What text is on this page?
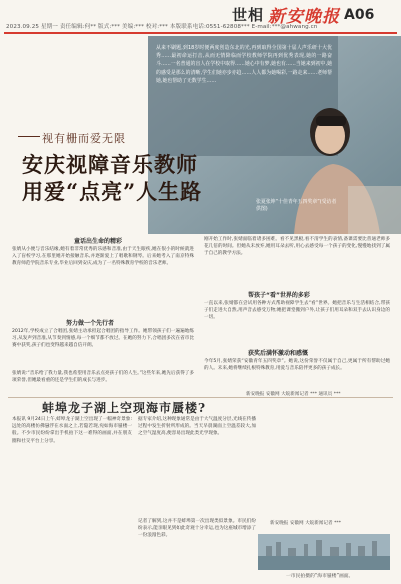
世相 新安晚报 A06
2023.09.25 星期一 责任编辑:何** 版式:*** 美编:*** 校对:*** 本版联系电话:0551-62808*** E-mail:***@ahwang.cn
从来不刷题,到18岁时便两度创造东北的光,再到取得全国第十届人声乐研十大优秀……最初命运打击,从而无情降临而学校教师学院再到优秀表现,她的一路奋斗……一名普通的盲人在学校中取得……她心中有梦,她也有……当她来到初中,她的感受是那么的清晰,学生们她亦步亦趋……人人都为她喝彩,一路走来……老师帮她,她也帮助了无数学生……
张夏张坤“十佳青年五四奖章”(受访者供图)
视有栅而爱无限
安庆视障音乐教师
用爱“点亮”人生路
童话出生命的精彩
张婧从小便与音乐结缘,她有着非常优秀的乐感和音准,由于天生眼疾,她在很小的时候就进入了盲校学习,在那里她开始接触音乐,并逐渐爱上了唱歌和钢琴。后来她考入了南京特殊教育师范学院音乐专业,毕业后回到安庆,成为了一名特殊教育学校的音乐老师。
刚开始工作时,张婧面临着诸多困难。看不见黑板,看不清学生的表情,备课需要比普通老师多花几倍的时间。但她从未放弃,她用耳朵去听,用心去感受每一个孩子的变化,慢慢地找到了属于自己的教学方法。
努力做一个先行者
2012年,学校成立了合唱团,张婧主动承担起合唱团的指导工作。她带领孩子们一遍遍地练习,从发声到音准,从节奏到情感,每一个细节都不放过。在她的努力下,合唱团多次在省市比赛中获奖,孩子们也变得越来越自信开朗。
帮孩子“看”世界的多彩
一直以来,张婧都在尝试用各种方式帮助视障学生去“看”世界。她把音乐与生活相结合,带孩子们走进大自然,用声音去感受万物;她把课堂搬到户外,让孩子们用耳朵和双手去认识身边的一切。
获奖后满怀激动和感慨
今年5月,张婧荣获“安徽青年五四奖章”。她说,这份荣誉不仅属于自己,更属于所有帮助过她的人。未来,她将继续扎根特殊教育,用爱与音乐陪伴更多的孩子成长。
张婧说:“音乐给了我力量,我也希望用音乐去点亮孩子们的人生。”这些年来,她先后获得了多项荣誉,但她最看重的还是学生们的成长与进步。
新安晚报 安徽网 大皖新闻记者 *** 通讯员 ***
蚌埠龙子湖上空现海市蜃楼?
本报讯 9月24日上午,蚌埠龙子湖上空出现了一幅神奇景象:远处的高楼仿佛悬浮在水面之上,若隐若现,宛如海市蜃楼一般。不少市民纷纷拿出手机拍下这一难得的画面,并在朋友圈和社交平台上分享。
据专家介绍,这种现象通常是由于大气温度分层,光线在传播过程中发生折射所形成的。当天早晨湖面上空温差较大,加之空气湿度高,便容易出现此类光学现象。
记者了解到,这并不是蚌埠第一次出现类似景象。市民们纷纷表示,能亲眼见到如此奇观十分幸运,也为这座城市增添了一份浪漫色彩。
新安晚报 安徽网 大皖新闻记者 ***
一市民拍摄的“海市蜃楼”画面。
